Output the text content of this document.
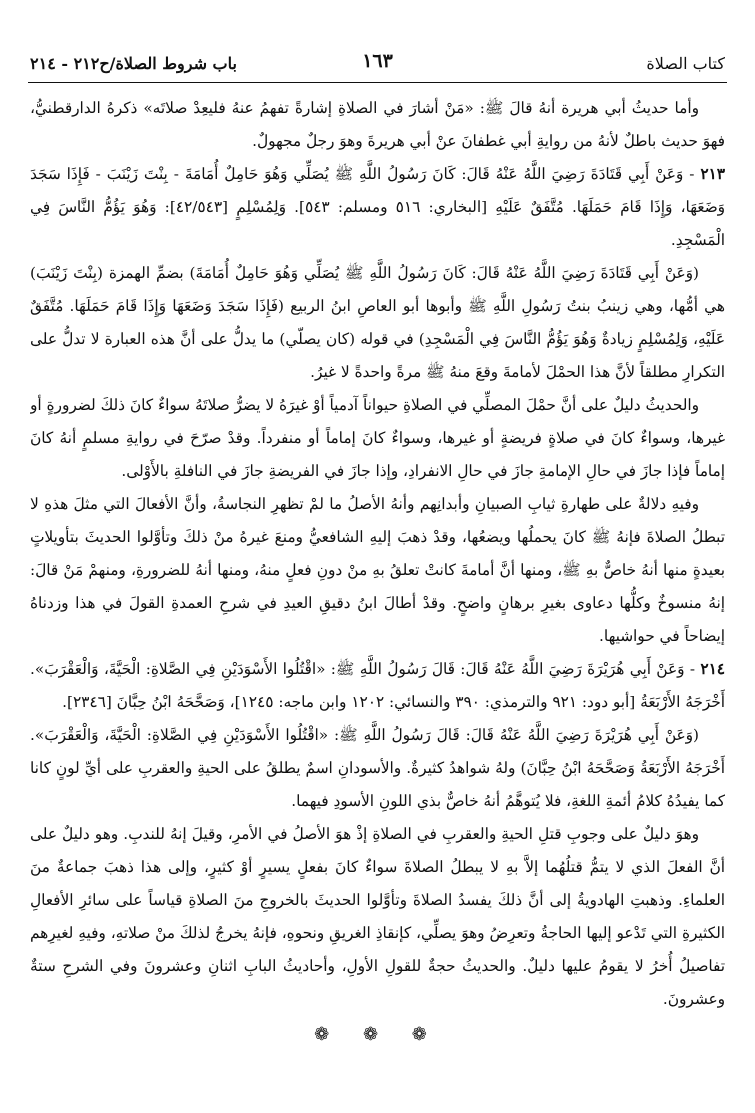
كتاب الصلاة
١٦٣
باب شروط الصلاة/ح٢١٢ - ٢١٤

وأما حديثُ أبي هريرة أنهُ قالَ ﷺ: «مَنْ أشارَ في الصلاةِ إشارةً تفهمُ عنهُ فليعِدْ صلاتَه» ذكرهُ الدارقطنيُّ، فهوَ حديث باطلٌ لأنهُ من روايةِ أبي غطفانَ عنْ أبي هريرةَ وهوَ رجلٌ مجهولٌ.

٢١٣ - وَعَنْ أَبِي قَتَادَةَ رَضِيَ اللَّهُ عَنْهُ قَالَ: كَانَ رَسُولُ اللَّهِ ﷺ يُصَلِّي وَهُوَ حَامِلٌ أُمَامَةَ - بِنْتَ زَيْنَبَ - فَإِذَا سَجَدَ وَضَعَهَا، وَإِذَا قَامَ حَمَلَهَا. مُتَّفَقٌ عَلَيْهِ [البخاري: ٥١٦ ومسلم: ٥٤٣]. وَلِمُسْلِمٍ [٤٢/٥٤٣]: وَهُوَ يَؤُمُّ النَّاسَ فِي الْمَسْجِدِ.

(وَعَنْ أَبِي قَتَادَةَ رَضِيَ اللَّهُ عَنْهُ قَالَ: كَانَ رَسُولُ اللَّهِ ﷺ يُصَلِّي وَهُوَ حَامِلٌ أُمَامَةَ) بضمِّ الهمزة (بِنْتَ زَيْنَبَ) هي أمُّها، وهي زينبُ بنتُ رَسُولِ اللَّهِ ﷺ وأبوها أبو العاصِ ابنُ الربيع (فَإِذَا سَجَدَ وَضَعَهَا وَإِذَا قَامَ حَمَلَهَا. مُتَّفَقٌ عَلَيْهِ، وَلِمُسْلِمٍ زيادةٌ وَهُوَ يَؤُمُّ النَّاسَ فِي الْمَسْجِدِ) في قوله (كان يصلّي) ما يدلُّ على أنَّ هذه العبارة لا تدلُّ على التكرارِ مطلقاً لأنَّ هذا الحمْلَ لأمامةَ وقعَ منهُ ﷺ مرةً واحدةً لا غيرُ.

والحديثُ دليلٌ على أنَّ حمْلَ المصلِّي في الصلاةِ حيواناً آدمياً أوْ غيرَهُ لا يضرُّ صلاتَهُ سواءٌ كانَ ذلكَ لضرورةٍ أو غيرها، وسواءٌ كانَ في صلاةٍ فريضةٍ أو غيرها، وسواءٌ كانَ إماماً أو منفرداً. وقدْ صرّحَ في روايةِ مسلمٍ أنهُ كانَ إماماً فإذا جازَ في حالِ الإمامةِ جازَ في حالِ الانفرادِ، وإذا جازَ في الفريضةِ جازَ في النافلةِ بالأَوْلى.

وفيهِ دلالةٌ على طهارةِ ثيابِ الصبيانِ وأبدانِهم وأنهُ الأصلُ ما لمْ تظهرِ النجاسةُ، وأنَّ الأفعالَ التي مثلَ هذهِ لا تبطلُ الصلاةَ فإنهُ ﷺ كانَ يحملُها ويضعُها، وقدْ ذهبَ إليهِ الشافعيُّ ومنعَ غيرهُ منْ ذلكَ وتأوَّلوا الحديثَ بتأويلاتٍ بعيدةٍ منها أنهُ خاصٌّ بهِ ﷺ، ومنها أنَّ أمامةَ كانتْ تعلقُ بهِ منْ دونِ فعلٍ منهُ، ومنها أنهُ للضرورةِ، ومنهمْ مَنْ قالَ: إنهُ منسوخٌ وكلُّها دعاوى بغيرِ برهانٍ واضحٍ. وقدْ أطالَ ابنُ دقيقِ العيدِ في شرحِ العمدةِ القولَ في هذا وزدناهُ إيضاحاً في حواشيها.

٢١٤ - وَعَنْ أَبِي هُرَيْرَةَ رَضِيَ اللَّهُ عَنْهُ قَالَ: قَالَ رَسُولُ اللَّهِ ﷺ: «اقْتُلُوا الأَسْوَدَيْنِ فِي الصَّلاةِ: الْحَيَّةَ، وَالْعَقْرَبَ». أَخْرَجَهُ الأَرْبَعَةُ [أبو دود: ٩٢١ والترمذي: ٣٩٠ والنسائي: ١٢٠٢ وابن ماجه: ١٢٤٥]، وَصَحَّحَهُ ابْنُ حِبَّانَ [٢٣٤٦].

(وَعَنْ أَبِي هُرَيْرَةَ رَضِيَ اللَّهُ عَنْهُ قَالَ: قَالَ رَسُولُ اللَّهِ ﷺ: «اقْتُلُوا الأَسْوَدَيْنِ فِي الصَّلاةِ: الْحَيَّةَ، وَالْعَقْرَبَ». أَخْرَجَهُ الأَرْبَعَةُ وَصَحَّحَهُ ابْنُ حِبَّانَ) ولهُ شواهدُ كثيرةٌ. والأسودانِ اسمٌ يطلقُ على الحيةِ والعقربِ على أيِّ لونٍ كانا كما يفيدُهُ كلامُ أئمةِ اللغةِ، فلا يُتوهَّمُ أنهُ خاصٌّ بذي اللونِ الأسودِ فيهما.

وهوَ دليلٌ على وجوبِ قتلِ الحيةِ والعقربِ في الصلاةِ إذْ هوَ الأصلُ في الأمرِ، وقيلَ إنهُ للندبِ. وهو دليلٌ على أنَّ الفعلَ الذي لا يتمُّ قتلُهُما إلاَّ بهِ لا يبطلُ الصلاةَ سواءٌ كانَ بفعلٍ يسيرٍ أوْ كثيرٍ، وإلى هذا ذهبَ جماعةٌ منَ العلماءِ. وذهبتِ الهادويةُ إلى أنَّ ذلكَ يفسدُ الصلاةَ وتأوَّلوا الحديثَ بالخروجِ منَ الصلاةِ قياساً على سائرِ الأفعالِ الكثيرةِ التي تَدْعو إليها الحاجةُ وتعرِضُ وهوَ يصلِّي، كإنقاذِ الغريقِ ونحوهِ، فإنهُ يخرجُ لذلكَ منْ صلاتهِ، وفيهِ لغيرِهم تفاصيلُ أُخرُ لا يقومُ عليها دليلٌ. والحديثُ حجةٌ للقولِ الأولِ، وأحاديثُ البابِ اثنانِ وعشرونَ وفي الشرحِ ستةٌ وعشرونَ.

❁ ❁ ❁
